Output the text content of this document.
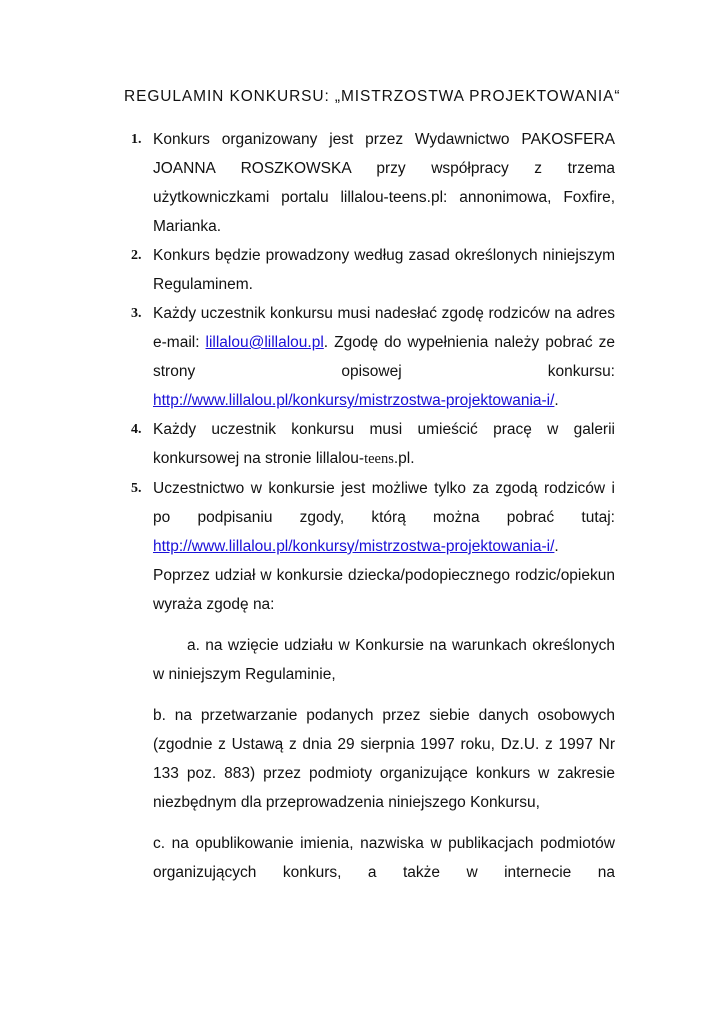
REGULAMIN KONKURSU: „MISTRZOSTWA PROJEKTOWANIA“
1. Konkurs organizowany jest przez Wydawnictwo PAKOSFERA JOANNA ROSZKOWSKA przy współpracy z trzema użytkowniczkami portalu lillalou-teens.pl: annonimowa, Foxfire, Marianka.
2. Konkurs będzie prowadzony według zasad określonych niniejszym Regulaminem.
3. Każdy uczestnik konkursu musi nadesłać zgodę rodziców na adres e-mail: lillalou@lillalou.pl. Zgodę do wypełnienia należy pobrać ze strony opisowej konkursu: http://www.lillalou.pl/konkursy/mistrzostwa-projektowania-i/.
4. Każdy uczestnik konkursu musi umieścić pracę w galerii konkursowej na stronie lillalou-teens.pl.
5. Uczestnictwo w konkursie jest możliwe tylko za zgodą rodziców i po podpisaniu zgody, którą można pobrać tutaj: http://www.lillalou.pl/konkursy/mistrzostwa-projektowania-i/.

Poprzez udział w konkursie dziecka/podopiecznego rodzic/opiekun wyraża zgodę na:

a. na wzięcie udziału w Konkursie na warunkach określonych w niniejszym Regulaminie,

b. na przetwarzanie podanych przez siebie danych osobowych (zgodnie z Ustawą z dnia 29 sierpnia 1997 roku, Dz.U. z 1997 Nr 133 poz. 883) przez podmioty organizujące konkurs w zakresie niezbędnym dla przeprowadzenia niniejszego Konkursu,

c. na opublikowanie imienia, nazwiska w publikacjach podmiotów organizujących konkurs, a także w internecie na
